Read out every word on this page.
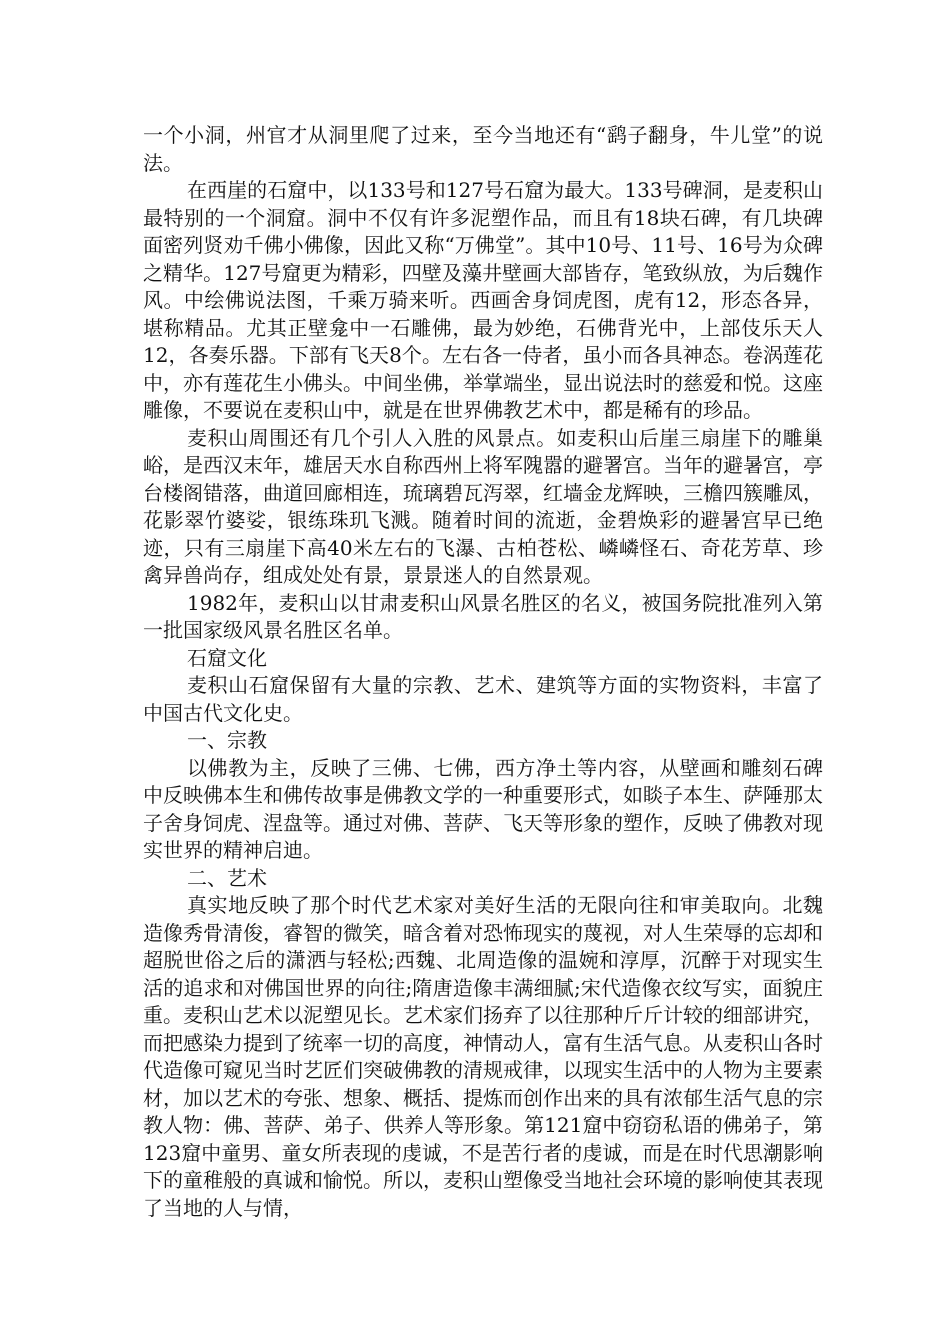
一个小洞，州官才从洞里爬了过来，至今当地还有“鹞子翻身，牛儿堂”的说法。

在西崖的石窟中，以133号和127号石窟为最大。133号碑洞，是麦积山最特别的一个洞窟。洞中不仅有许多泥塑作品，而且有18块石碑，有几块碑面密列贤劝千佛小佛像，因此又称“万佛堂”。其中10号、11号、16号为众碑之精华。127号窟更为精彩，四壁及藻井壁画大部皆存，笔致纵放，为后魏作风。中绘佛说法图，千乘万骑来听。西画舍身饲虎图，虎有12，形态各异，堪称精品。尤其正壁龛中一石雕佛，最为妙绝，石佛背光中，上部伎乐天人12，各奏乐器。下部有飞天8个。左右各一侍者，虽小而各具神态。卷涡莲花中，亦有莲花生小佛头。中间坐佛，举掌端坐，显出说法时的慈爱和悦。这座雕像，不要说在麦积山中，就是在世界佛教艺术中，都是稀有的珍品。

麦积山周围还有几个引人入胜的风景点。如麦积山后崖三扇崖下的雕巢峪，是西汉末年，雄居天水自称西州上将军隗嚣的避署宫。当年的避暑宫，亭台楼阁错落，曲道回廊相连，琉璃碧瓦泻翠，红墙金龙辉映，三檐四簇雕凤，花影翠竹婆娑，银练珠玑飞溅。随着时间的流逝，金碧焕彩的避暑宫早已绝迹，只有三扇崖下高40米左右的飞瀑、古柏苍松、嶙嶙怪石、奇花芳草、珍禽异兽尚存，组成处处有景，景景迷人的自然景观。

1982年，麦积山以甘肃麦积山风景名胜区的名义，被国务院批准列入第一批国家级风景名胜区名单。

石窟文化

麦积山石窟保留有大量的宗教、艺术、建筑等方面的实物资料，丰富了中国古代文化史。

一、宗教

以佛教为主，反映了三佛、七佛，西方净土等内容，从壁画和雕刻石碑中反映佛本生和佛传故事是佛教文学的一种重要形式，如睒子本生、萨陲那太子舍身饲虎、涅盘等。通过对佛、菩萨、飞天等形象的塑作，反映了佛教对现实世界的精神启迪。

二、艺术

真实地反映了那个时代艺术家对美好生活的无限向往和审美取向。北魏造像秀骨清俊，睿智的微笑，暗含着对恐怖现实的蔑视，对人生荣辱的忘却和超脱世俗之后的潇洒与轻松;西魏、北周造像的温婉和淳厚，沉醉于对现实生活的追求和对佛国世界的向往;隋唐造像丰满细腻;宋代造像衣纹写实，面貌庄重。麦积山艺术以泥塑见长。艺术家们扬弃了以往那种斤斤计较的细部讲究，而把感染力提到了统率一切的高度，神情动人，富有生活气息。从麦积山各时代造像可窥见当时艺匠们突破佛教的清规戒律，以现实生活中的人物为主要素材，加以艺术的夸张、想象、概括、提炼而创作出来的具有浓郁生活气息的宗教人物：佛、菩萨、弟子、供养人等形象。第121窟中窃窃私语的佛弟子，第123窟中童男、童女所表现的虔诚，不是苦行者的虔诚，而是在时代思潮影响下的童稚般的真诚和愉悦。所以，麦积山塑像受当地社会环境的影响使其表现了当地的人与情，
